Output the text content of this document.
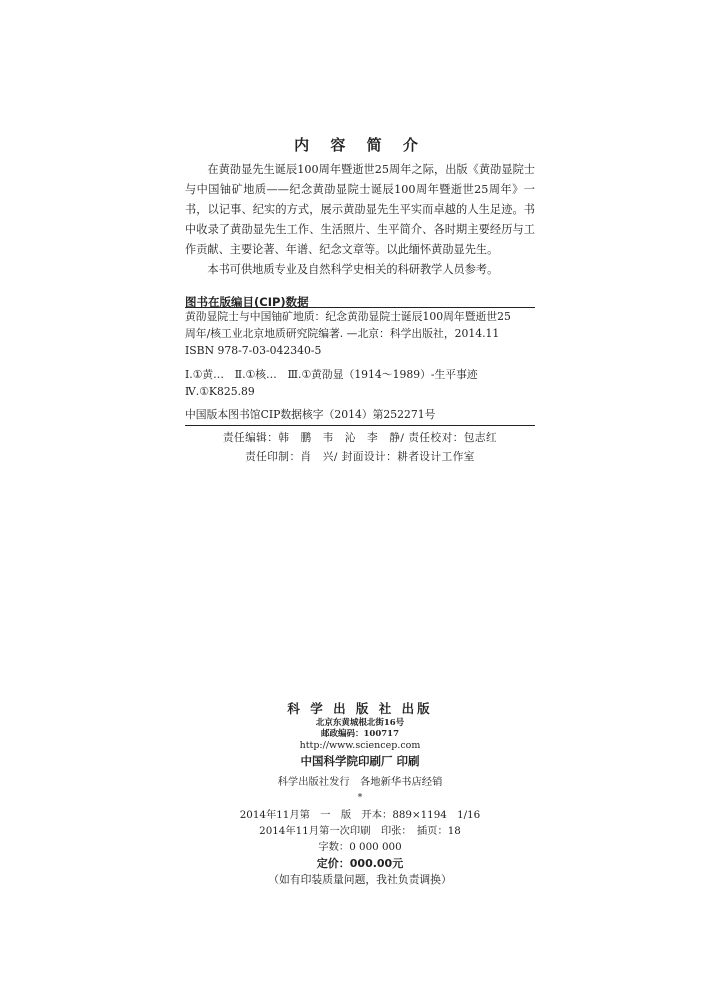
内 容 简 介

在黄劭显先生诞辰100周年暨逝世25周年之际，出版《黄劭显院士与中国铀矿地质——纪念黄劭显院士诞辰100周年暨逝世25周年》一书，以记事、纪实的方式，展示黄劭显先生平实而卓越的人生足迹。书中收录了黄劭显先生工作、生活照片、生平简介、各时期主要经历与工作贡献、主要论著、年谱、纪念文章等。以此缅怀黄劭显先生。

本书可供地质专业及自然科学史相关的科研教学人员参考。

图书在版编目(CIP)数据
黄劭显院士与中国铀矿地质：纪念黄劭显院士诞辰100周年暨逝世25
周年/核工业北京地质研究院编著. —北京：科学出版社，2014.11
ISBN 978-7-03-042340-5
Ⅰ.①黄…　Ⅱ.①核…　Ⅲ.①黄劭显（1914～1989）-生平事迹
Ⅳ.①K825.89
中国版本图书馆CIP数据核字（2014）第252271号
责任编辑：韩　鹏　韦　沁　李　静/ 责任校对：包志红
责任印制：肖　兴/ 封面设计：耕者设计工作室
科 学 出 版 社 出版
北京东黄城根北街16号
邮政编码：100717
http://www.sciencep.com
中国科学院印刷厂 印刷
科学出版社发行　各地新华书店经销
*
2014年11月第　一　版　开本：889×1194　1/16
2014年11月第一次印刷　印张：　插页：18
字数：0 000 000
定价：000.00元
（如有印装质量问题，我社负责调换）
